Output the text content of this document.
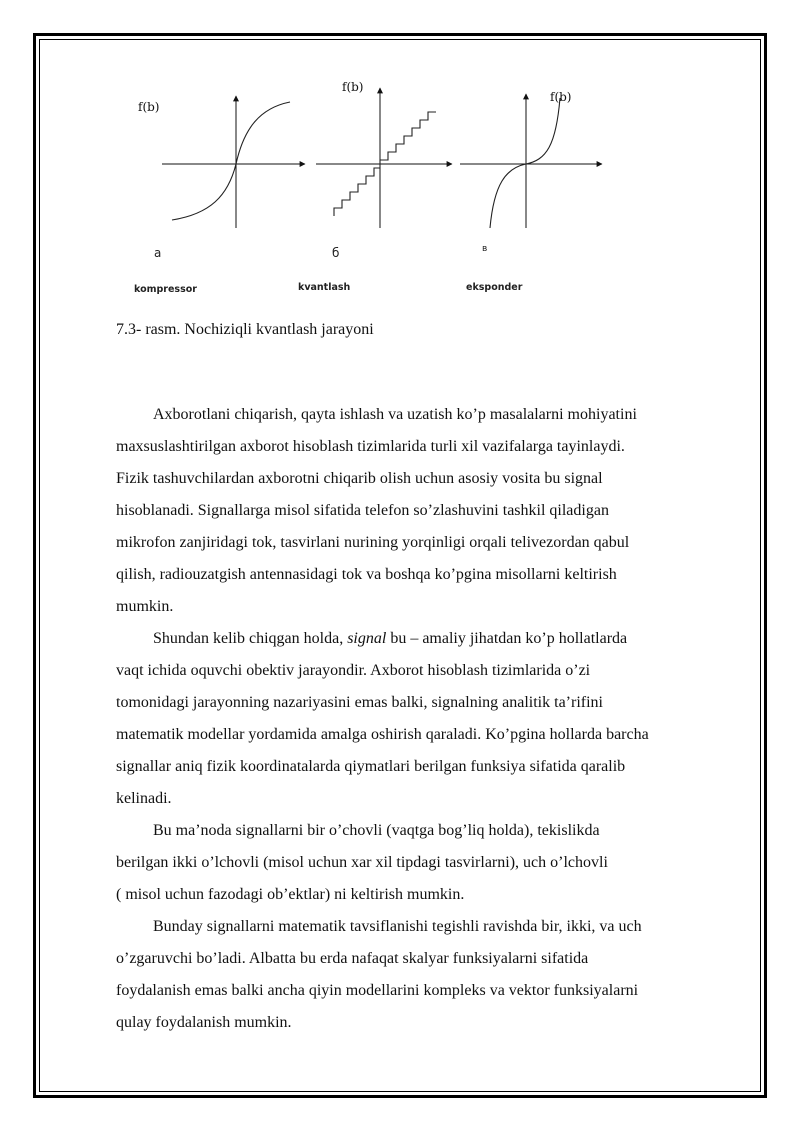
f(b)
f(b)
f(b)
a	б	в
kompressor	kvantlash	ekspоnder
7.3- rasm. Nochiziqli kvantlash jarayoni
Axborotlani chiqarish, qayta ishlash va uzatish ko’p masalalarni mohiyatini
maxsuslashtirilgan axborot hisoblash tizimlarida turli xil vazifalarga tayinlaydi.
Fizik tashuvchilardan axborotni chiqarib olish uchun asosiy vosita bu signal
hisoblanadi. Signallarga misol sifatida telefon so’zlashuvini tashkil qiladigan
mikrofon zanjiridagi tok, tasvirlani nurining yorqinligi orqali telivezordan qabul
qilish, radiouzatgish antennasidagi tok va boshqa ko’pgina misollarni keltirish
mumkin.
Shundan kelib chiqgan holda, signal bu – amaliy jihatdan ko’p hollatlarda
vaqt ichida oquvchi obektiv jarayondir. Axborot hisoblash tizimlarida o’zi
tomonidagi jarayonning nazariyasini emas balki, signalning analitik ta’rifini
matematik modellar yordamida amalga oshirish qaraladi. Ko’pgina hollarda barcha
signallar aniq fizik koordinatalarda qiymatlari berilgan funksiya sifatida qaralib
kelinadi.
Bu ma’noda signallarni bir o’chovli (vaqtga bog’liq holda), tekislikda
berilgan ikki o’lchovli (misol uchun xar xil tipdagi tasvirlarni), uch o’lchovli
( misol uchun fazodagi ob’ektlar) ni keltirish mumkin.
Bunday signallarni matematik tavsiflanishi tegishli ravishda bir, ikki, va uch
o’zgaruvchi bo’ladi. Albatta bu erda nafaqat skalyar funksiyalarni sifatida
foydalanish emas balki ancha qiyin modellarini kompleks va vektor funksiyalarni
qulay foydalanish mumkin.
